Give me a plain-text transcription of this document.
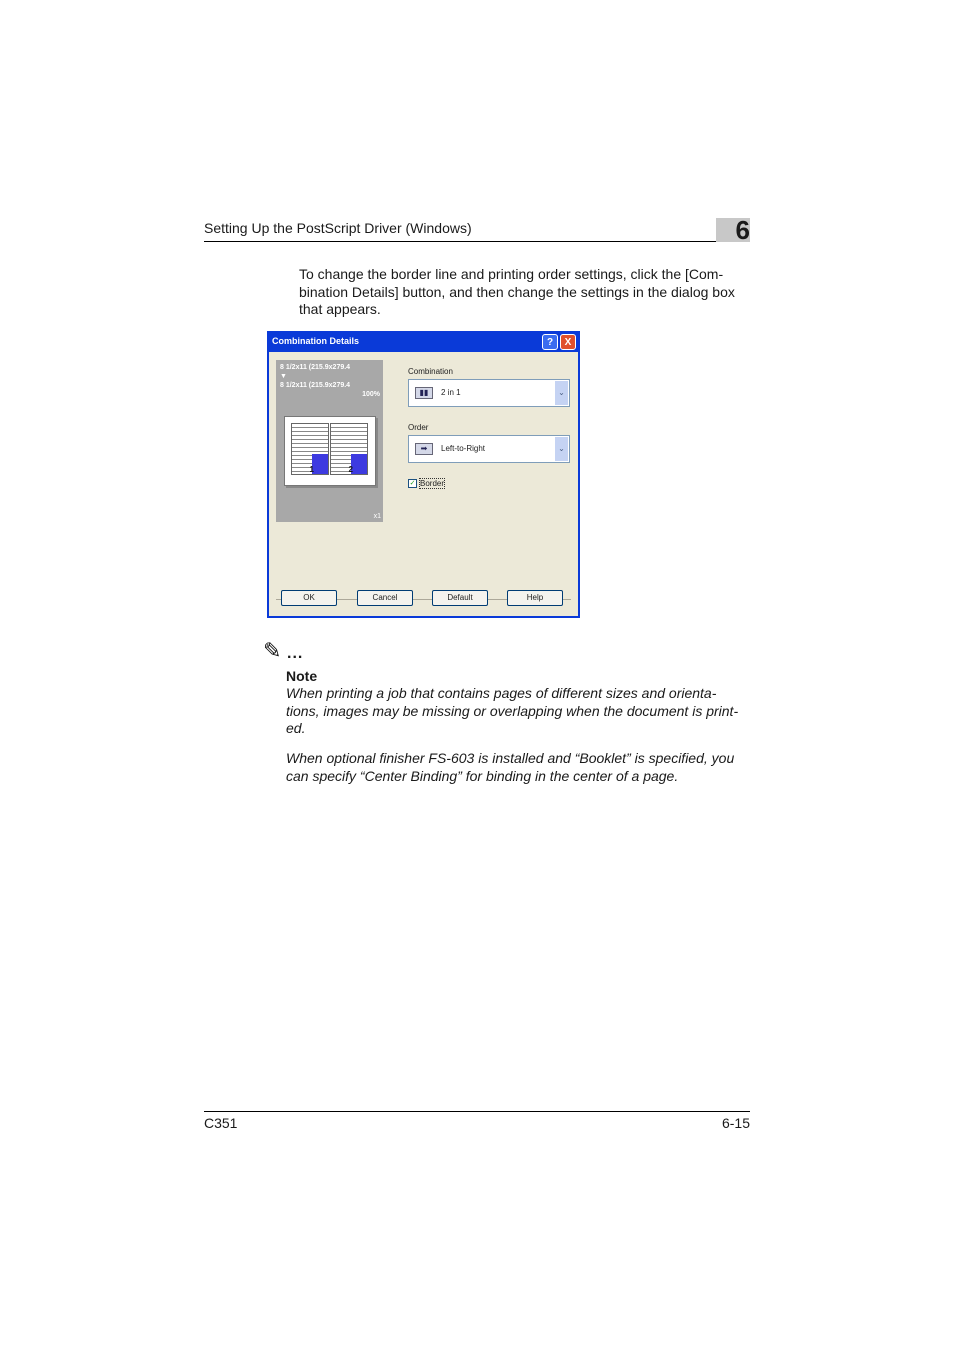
Setting Up the PostScript Driver (Windows)	6
To change the border line and printing order settings, click the [Com-
bination Details] button, and then change the settings in the dialog box
that appears.
Combination Details	?	X
8 1/2x11 (215.9x279.4
▼
8 1/2x11 (215.9x279.4
100%
1	2
x1
Combination
▮▮	2 in 1	⌄
Order
➡	Left-to-Right	⌄
✓ Border
OK	Cancel	Default	Help
✎ ...
Note
When printing a job that contains pages of different sizes and orienta-
tions, images may be missing or overlapping when the document is print-
ed.
When optional finisher FS-603 is installed and “Booklet” is specified, you
can specify “Center Binding” for binding in the center of a page.
C351	6-15
